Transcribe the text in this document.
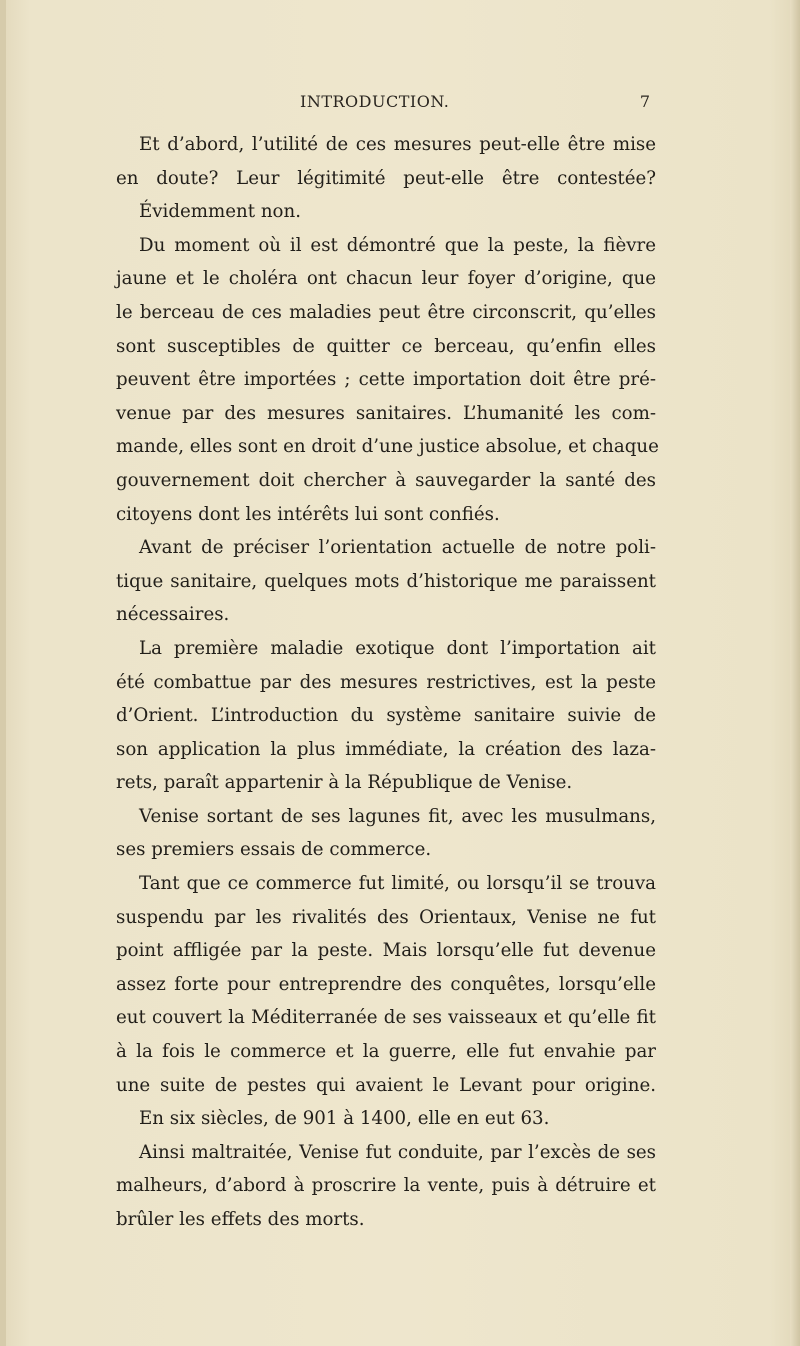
INTRODUCTION.	7
Et d’abord, l’utilité de ces mesures peut-elle être mise
en doute? Leur légitimité peut-elle être contestée?
Évidemment non.
Du moment où il est démontré que la peste, la fièvre
jaune et le choléra ont chacun leur foyer d’origine, que
le berceau de ces maladies peut être circonscrit, qu’elles
sont susceptibles de quitter ce berceau, qu’enfin elles
peuvent être importées ; cette importation doit être pré-
venue par des mesures sanitaires. L’humanité les com-
mande, elles sont en droit d’une justice absolue, et chaque
gouvernement doit chercher à sauvegarder la santé des
citoyens dont les intérêts lui sont confiés.
Avant de préciser l’orientation actuelle de notre poli-
tique sanitaire, quelques mots d’historique me paraissent
nécessaires.
La première maladie exotique dont l’importation ait
été combattue par des mesures restrictives, est la peste
d’Orient. L’introduction du système sanitaire suivie de
son application la plus immédiate, la création des laza-
rets, paraît appartenir à la République de Venise.
Venise sortant de ses lagunes fit, avec les musulmans,
ses premiers essais de commerce.
Tant que ce commerce fut limité, ou lorsqu’il se trouva
suspendu par les rivalités des Orientaux, Venise ne fut
point affligée par la peste. Mais lorsqu’elle fut devenue
assez forte pour entreprendre des conquêtes, lorsqu’elle
eut couvert la Méditerranée de ses vaisseaux et qu’elle fit
à la fois le commerce et la guerre, elle fut envahie par
une suite de pestes qui avaient le Levant pour origine.
En six siècles, de 901 à 1400, elle en eut 63.
Ainsi maltraitée, Venise fut conduite, par l’excès de ses
malheurs, d’abord à proscrire la vente, puis à détruire et
brûler les effets des morts.
